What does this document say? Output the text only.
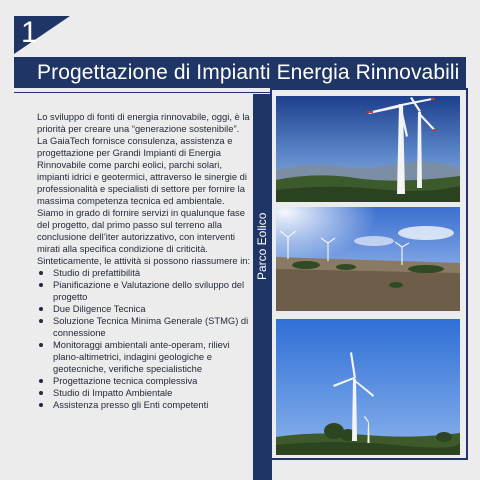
1
Progettazione di Impianti Energia Rinnovabili

Lo sviluppo di fonti di energia rinnovabile, oggi, è la priorità per creare una “generazione sostenibile”.

La GaiaTech fornisce consulenza, assistenza e progettazione per Grandi Impianti di Energia Rinnovabile come parchi eolici, parchi solari, impianti idrici e geotermici, attraverso le sinergie di professionalità e specialisti di settore per fornire la massima competenza tecnica ed ambientale.

Siamo in grado di fornire servizi in qualunque fase del progetto, dal primo passo sul terreno alla conclusione dell’iter autorizzativo, con interventi mirati alla specifica condizione di criticità.

Sinteticamente, le attività si possono riassumere in:

Studio di prefattibilità
Pianificazione e Valutazione dello sviluppo del progetto
Due Diligence Tecnica
Soluzione Tecnica Minima Generale (STMG) di connessione
Monitoraggi ambientali ante-operam, rilievi plano-altimetrici, indagini geologiche e geotecniche, verifiche specialistiche
Progettazione tecnica complessiva
Studio di Impatto Ambientale
Assistenza presso gli Enti competenti
Parco Eolico
